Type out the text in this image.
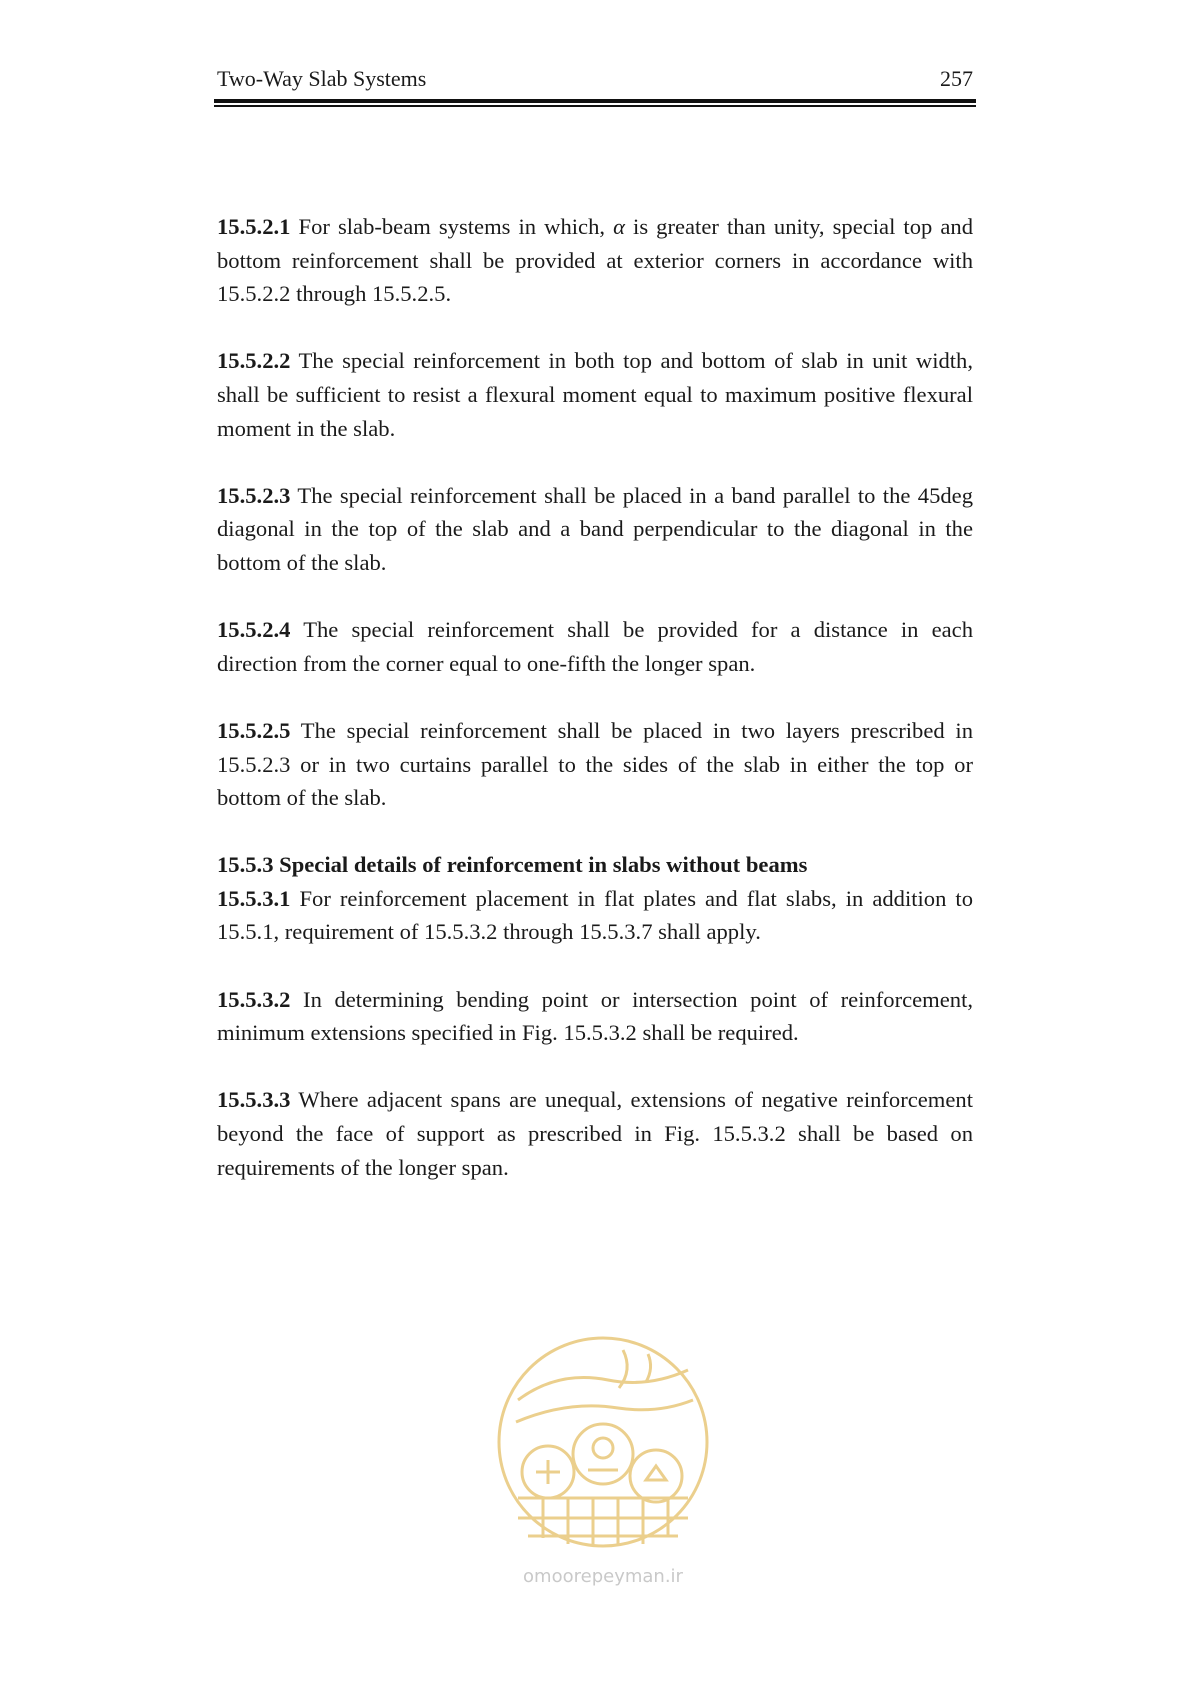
Two-Way Slab Systems	257

15.5.2.1 For slab-beam systems in which, α is greater than unity, special top and bottom reinforcement shall be provided at exterior corners in accordance with 15.5.2.2 through 15.5.2.5.

15.5.2.2 The special reinforcement in both top and bottom of slab in unit width, shall be sufficient to resist a flexural moment equal to maximum positive flexural moment in the slab.

15.5.2.3 The special reinforcement shall be placed in a band parallel to the 45deg diagonal in the top of the slab and a band perpendicular to the diagonal in the bottom of the slab.

15.5.2.4 The special reinforcement shall be provided for a distance in each direction from the corner equal to one-fifth the longer span.

15.5.2.5 The special reinforcement shall be placed in two layers prescribed in 15.5.2.3 or in two curtains parallel to the sides of the slab in either the top or bottom of the slab.

15.5.3 Special details of reinforcement in slabs without beams

15.5.3.1 For reinforcement placement in flat plates and flat slabs, in addition to 15.5.1, requirement of 15.5.3.2 through 15.5.3.7 shall apply.

15.5.3.2 In determining bending point or intersection point of reinforcement, minimum extensions specified in Fig. 15.5.3.2 shall be required.

15.5.3.3 Where adjacent spans are unequal, extensions of negative reinforcement beyond the face of support as prescribed in Fig. 15.5.3.2 shall be based on requirements of the longer span.

omoorepeyman.ir
